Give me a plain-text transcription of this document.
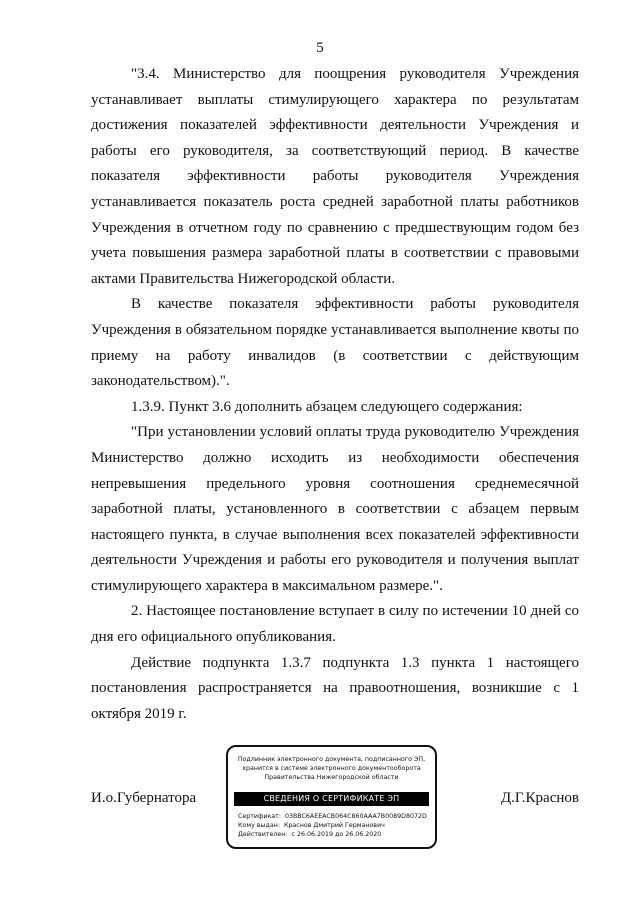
5

"3.4. Министерство для поощрения руководителя Учреждения устанавливает выплаты стимулирующего характера по результатам достижения показателей эффективности деятельности Учреждения и работы его руководителя, за соответствующий период. В качестве показателя эффективности работы руководителя Учреждения устанавливается показатель роста средней заработной платы работников Учреждения в отчетном году по сравнению с предшествующим годом без учета повышения размера заработной платы в соответствии с правовыми актами Правительства Нижегородской области.

В качестве показателя эффективности работы руководителя Учреждения в обязательном порядке устанавливается выполнение квоты по приему на работу инвалидов (в соответствии с действующим законодательством).".

1.3.9. Пункт 3.6 дополнить абзацем следующего содержания:

"При установлении условий оплаты труда руководителю Учреждения Министерство должно исходить из необходимости обеспечения непревышения предельного уровня соотношения среднемесячной заработной платы, установленного в соответствии с абзацем первым настоящего пункта, в случае выполнения всех показателей эффективности деятельности Учреждения и работы его руководителя и получения выплат стимулирующего характера в максимальном размере.".

2. Настоящее постановление вступает в силу по истечении 10 дней со дня его официального опубликования.

Действие подпункта 1.3.7 подпункта 1.3 пункта 1 настоящего постановления распространяется на правоотношения, возникшие с 1 октября 2019 г.

И.о.Губернатора	Д.Г.Краснов
Подлинник электронного документа, подписанного ЭП,
хранится в системе электронного документооборота
Правительства Нижегородской области
СВЕДЕНИЯ О СЕРТИФИКАТЕ ЭП
Сертификат: 03BBC6AEEACB064C860AAA7B0089D8072D
Кому выдан: Краснов Дмитрий Германович
Действителен: с 26.06.2019 до 26.06.2020
